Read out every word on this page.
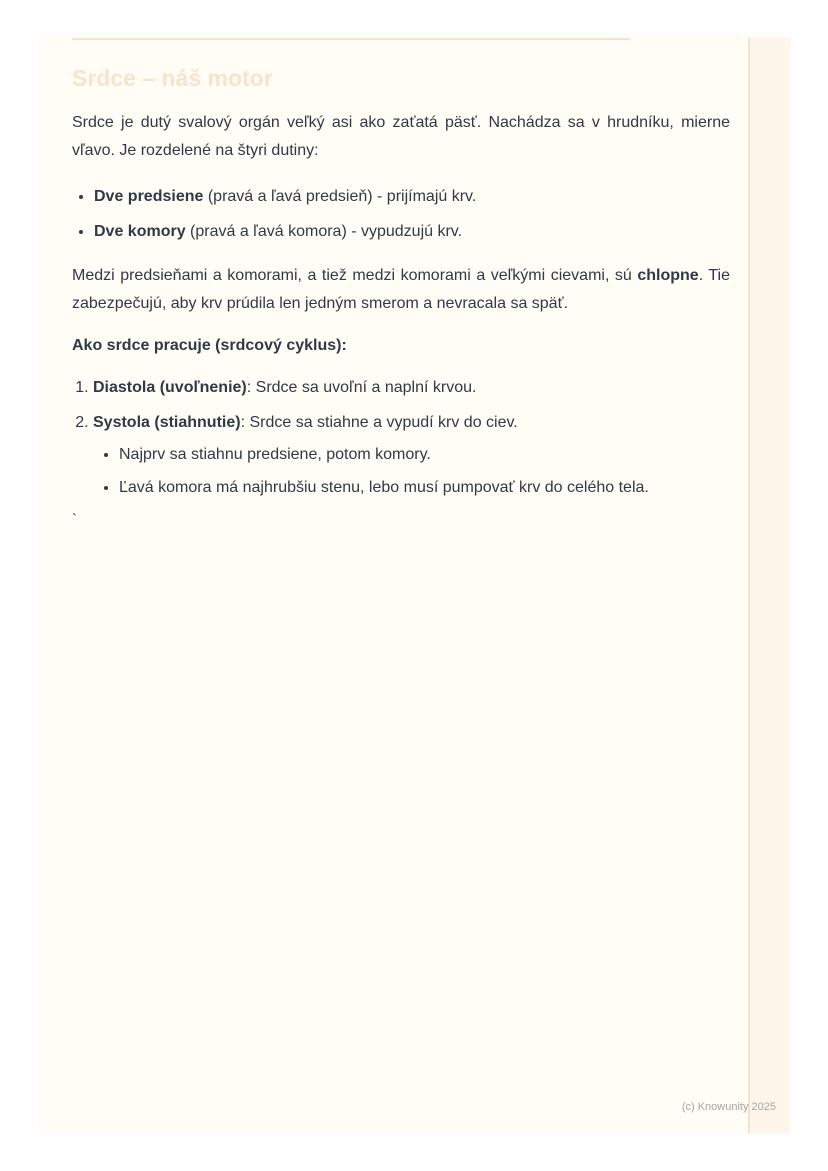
Srdce – náš motor

Srdce je dutý svalový orgán veľký asi ako zaťatá päsť. Nachádza sa v hrudníku, mierne vľavo. Je rozdelené na štyri dutiny:

• Dve predsiene (pravá a ľavá predsieň) - prijímajú krv.
• Dve komory (pravá a ľavá komora) - vypudzujú krv.

Medzi predsieňami a komorami, a tiež medzi komorami a veľkými cievami, sú chlopne. Tie zabezpečujú, aby krv prúdila len jedným smerom a nevracala sa späť.

Ako srdce pracuje (srdcový cyklus):

1. Diastola (uvoľnenie): Srdce sa uvoľní a naplní krvou.
2. Systola (stiahnutie): Srdce sa stiahne a vypudí krv do ciev.
• Najprv sa stiahnu predsiene, potom komory.
• Ľavá komora má najhrubšiu stenu, lebo musí pumpovať krv do celého tela.

`

(c) Knowunity 2025
